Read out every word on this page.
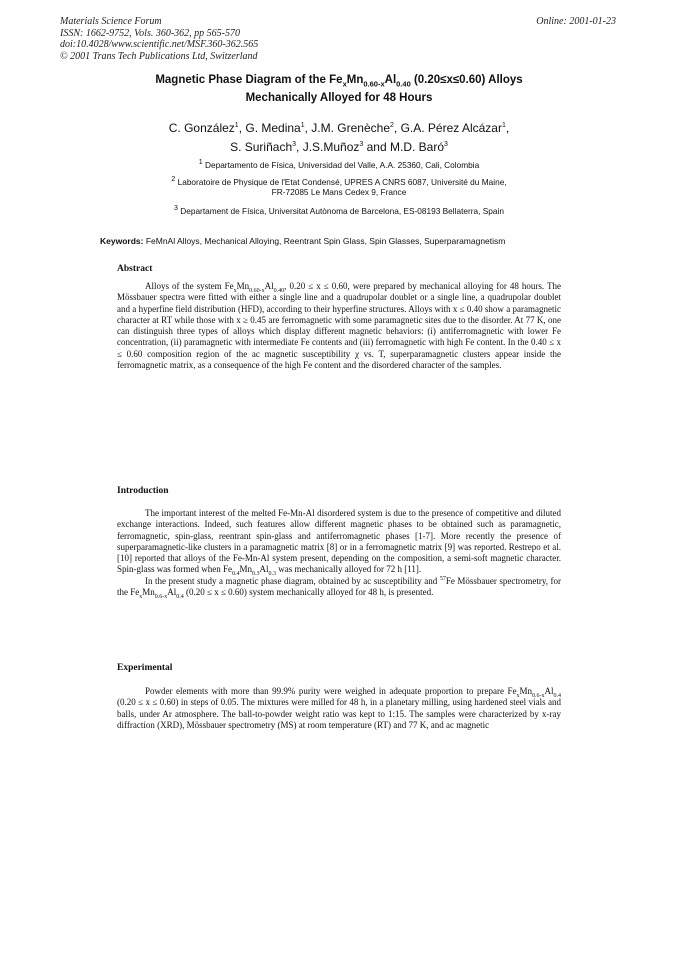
Materials Science Forum
ISSN: 1662-9752, Vols. 360-362, pp 565-570
doi:10.4028/www.scientific.net/MSF.360-362.565
© 2001 Trans Tech Publications Ltd, Switzerland
Online: 2001-01-23
Magnetic Phase Diagram of the $Fe_xMn_{0.60-x}Al_{0.40}$ (0.20≤x≤0.60) Alloys
Mechanically Alloyed for 48 Hours
C. González$^1$, G. Medina$^1$, J.M. Grenèche$^2$, G.A. Pérez Alcázar$^1$,
S. Suriñach$^3$, J.S.Muñoz$^3$ and M.D. Baró$^3$
$^1$ Departamento de Física, Universidad del Valle, A.A. 25360, Cali, Colombia
$^2$ Laboratoire de Physique de l'Etat Condensé, UPRES A CNRS 6087, Université du Maine,
FR-72085 Le Mans Cedex 9, France
$^3$ Departament de Física, Universitat Autònoma de Barcelona, ES-08193 Bellaterra, Spain
Keywords: FeMnAl Alloys, Mechanical Alloying, Reentrant Spin Glass, Spin Glasses, Superparamagnetism
Abstract

Alloys of the system $Fe_xMn_{0.60-x}Al_{0.40}$, 0.20 ≤ x ≤ 0.60, were prepared by mechanical alloying for 48 hours. The Mössbauer spectra were fitted with either a single line and a quadrupolar doublet or a single line, a quadrupolar doublet and a hyperfine field distribution (HFD), according to their hyperfine structures. Alloys with x ≤ 0.40 show a paramagnetic character at RT while those with x ≥ 0.45 are ferromagnetic with some paramagnetic sites due to the disorder. At 77 K, one can distinguish three types of alloys which display different magnetic behaviors: (i) antiferromagnetic with lower Fe concentration, (ii) paramagnetic with intermediate Fe contents and (iii) ferromagnetic with high Fe content. In the 0.40 ≤ x ≤ 0.60 composition region of the ac magnetic susceptibility χ vs. T, superparamagnetic clusters appear inside the ferromagnetic matrix, as a consequence of the high Fe content and the disordered character of the samples.

Introduction

The important interest of the melted Fe-Mn-Al disordered system is due to the presence of competitive and diluted exchange interactions. Indeed, such features allow different magnetic phases to be obtained such as paramagnetic, ferromagnetic, spin-glass, reentrant spin-glass and antiferromagnetic phases [1-7]. More recently the presence of superparamagnetic-like clusters in a paramagnetic matrix [8] or in a ferromagnetic matrix [9] was reported. Restrepo et al. [10] reported that alloys of the Fe-Mn-Al system present, depending on the composition, a semi-soft magnetic character. Spin-glass was formed when $Fe_{0.4}Mn_{0.3}Al_{0.3}$ was mechanically alloyed for 72 h [11].

In the present study a magnetic phase diagram, obtained by ac susceptibility and $^{57}$Fe Mössbauer spectrometry, for the $Fe_xMn_{0.6-x}Al_{0.4}$ (0.20 ≤ x ≤ 0.60) system mechanically alloyed for 48 h, is presented.

Experimental

Powder elements with more than 99.9% purity were weighed in adequate proportion to prepare $Fe_xMn_{0.6-x}Al_{0.4}$ (0.20 ≤ x ≤ 0.60) in steps of 0.05. The mixtures were milled for 48 h, in a planetary milling, using hardened steel vials and balls, under Ar atmosphere. The ball-to-powder weight ratio was kept to 1:15. The samples were characterized by x-ray diffraction (XRD), Mössbauer spectrometry (MS) at room temperature (RT) and 77 K, and ac magnetic
